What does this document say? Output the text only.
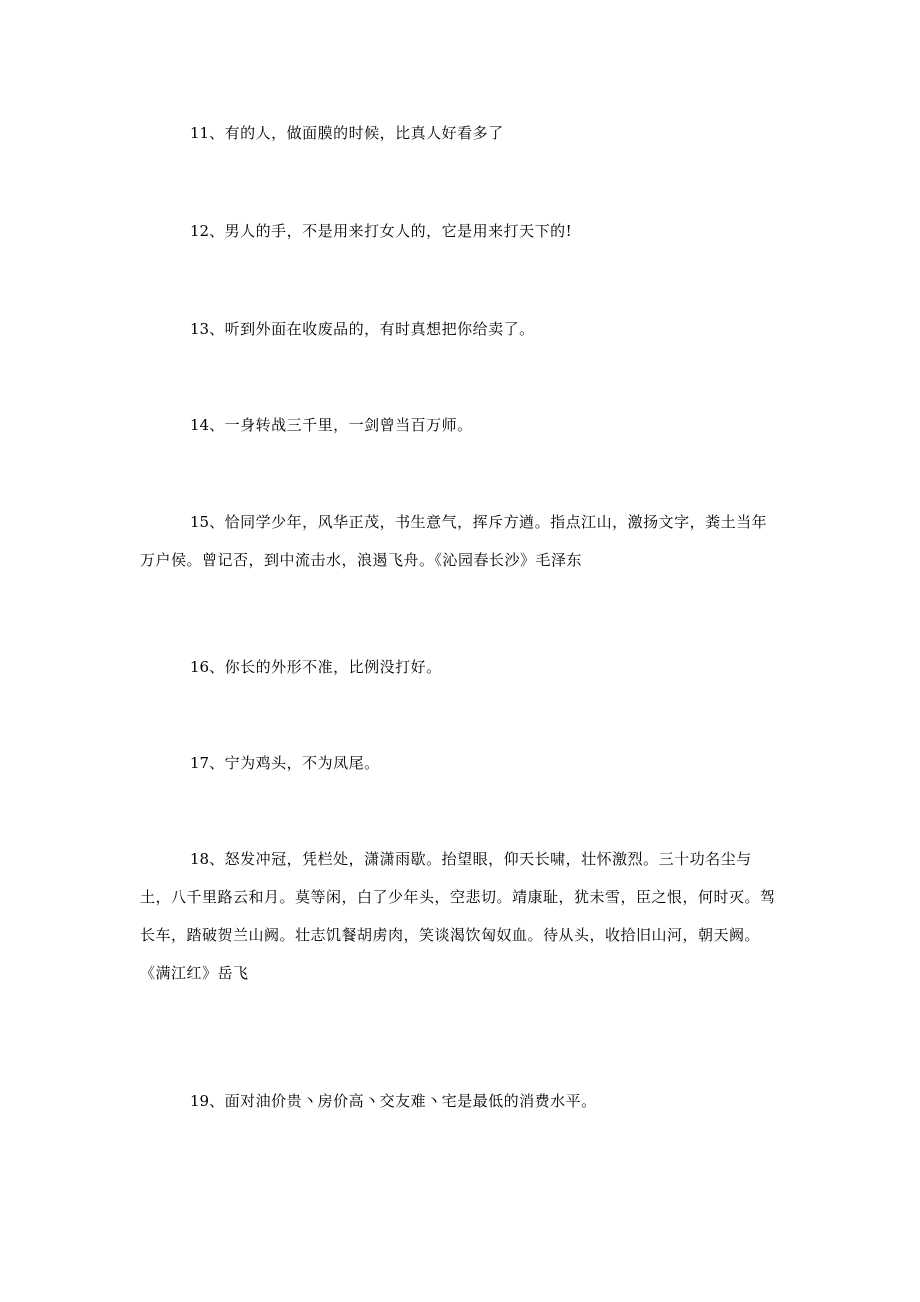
11、有的人，做面膜的时候，比真人好看多了

12、男人的手，不是用来打女人的，它是用来打天下的!

13、听到外面在收废品的，有时真想把你给卖了。

14、一身转战三千里，一剑曾当百万师。

15、恰同学少年，风华正茂，书生意气，挥斥方遒。指点江山，激扬文字，粪土当年万户侯。曾记否，到中流击水，浪遏飞舟。《沁园春长沙》毛泽东

16、你长的外形不准，比例没打好。

17、宁为鸡头，不为凤尾。

18、怒发冲冠，凭栏处，潇潇雨歇。抬望眼，仰天长啸，壮怀激烈。三十功名尘与土，八千里路云和月。莫等闲，白了少年头，空悲切。靖康耻，犹未雪，臣之恨，何时灭。驾长车，踏破贺兰山阙。壮志饥餐胡虏肉，笑谈渴饮匈奴血。待从头，收拾旧山河，朝天阙。《满江红》岳飞

19、面对油价贵丶房价高丶交友难丶宅是最低的消费水平。
